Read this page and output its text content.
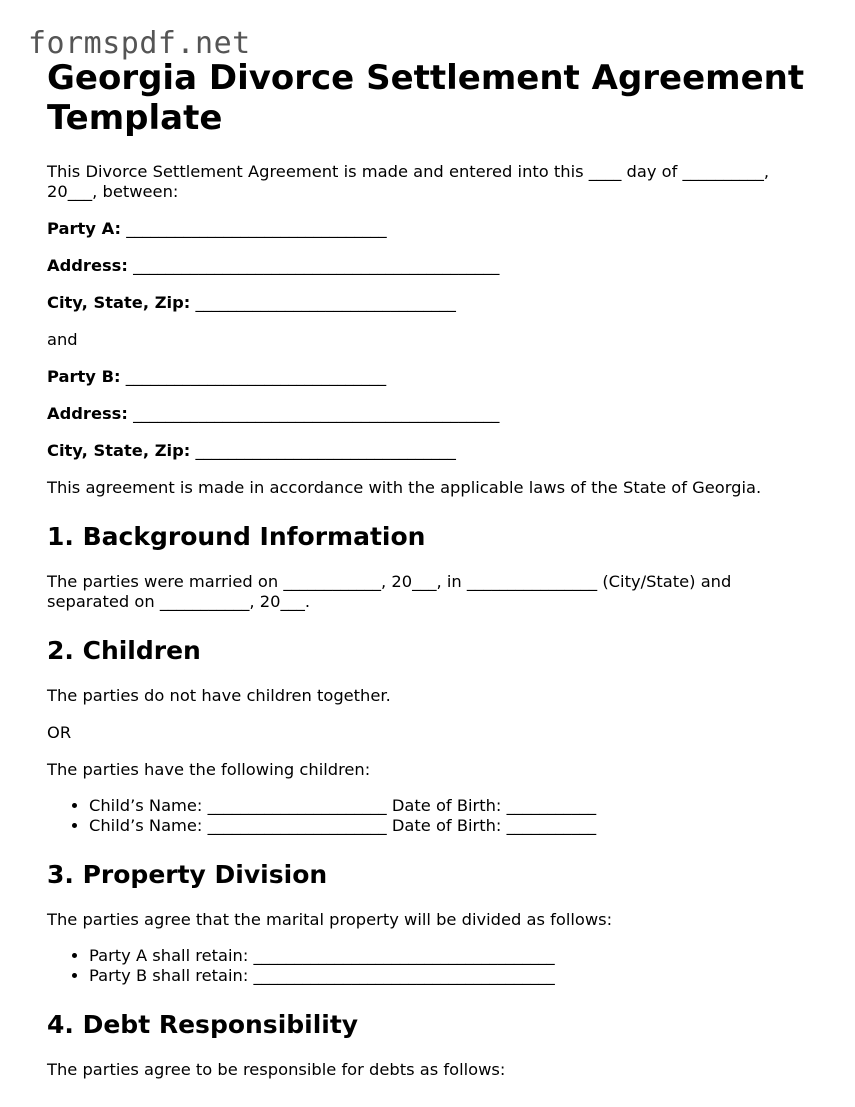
formspdf.net
Georgia Divorce Settlement Agreement Template

This Divorce Settlement Agreement is made and entered into this ____ day of __________, 20___, between:

Party A: ________________________________

Address: _____________________________________________

City, State, Zip: ________________________________

and

Party B: ________________________________

Address: _____________________________________________

City, State, Zip: ________________________________

This agreement is made in accordance with the applicable laws of the State of Georgia.

1. Background Information

The parties were married on ____________, 20___, in ________________ (City/State) and separated on ___________, 20___.

2. Children

The parties do not have children together.

OR

The parties have the following children:

• Child’s Name: ______________________ Date of Birth: ___________
• Child’s Name: ______________________ Date of Birth: ___________
3. Property Division

The parties agree that the marital property will be divided as follows:

• Party A shall retain: _____________________________________
• Party B shall retain: _____________________________________
4. Debt Responsibility

The parties agree to be responsible for debts as follows:
